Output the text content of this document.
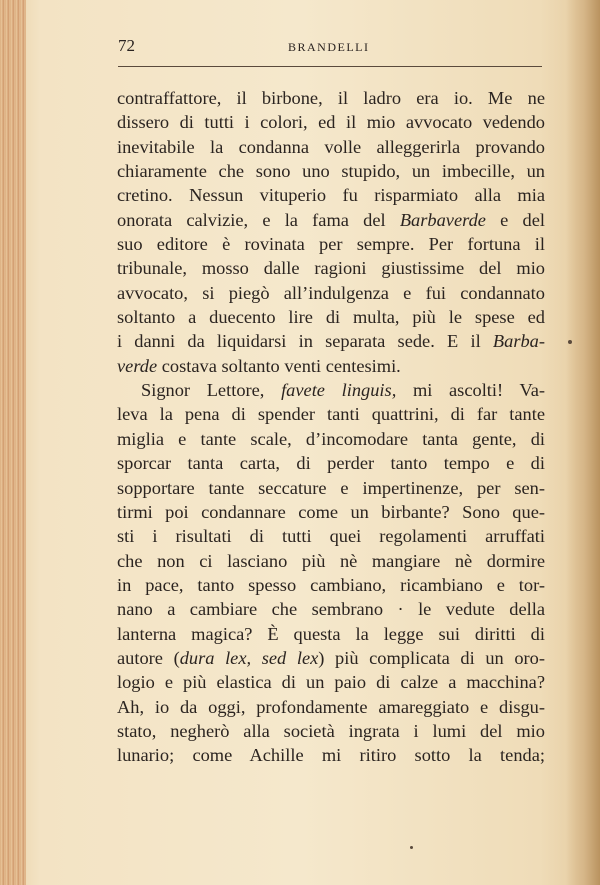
72	BRANDELLI
contraffattore, il birbone, il ladro era io. Me ne
dissero di tutti i colori, ed il mio avvocato vedendo
inevitabile la condanna volle alleggerirla provando
chiaramente che sono uno stupido, un imbecille, un
cretino. Nessun vituperio fu risparmiato alla mia
onorata calvizie, e la fama del Barbaverde e del
suo editore è rovinata per sempre. Per fortuna il
tribunale, mosso dalle ragioni giustissime del mio
avvocato, si piegò all’indulgenza e fui condannato
soltanto a duecento lire di multa, più le spese ed
i danni da liquidarsi in separata sede. E il Barba-
verde costava soltanto venti centesimi.
Signor Lettore, favete linguis, mi ascolti! Va-
leva la pena di spender tanti quattrini, di far tante
miglia e tante scale, d’incomodare tanta gente, di
sporcar tanta carta, di perder tanto tempo e di
sopportare tante seccature e impertinenze, per sen-
tirmi poi condannare come un birbante? Sono que-
sti i risultati di tutti quei regolamenti arruffati
che non ci lasciano più nè mangiare nè dormire
in pace, tanto spesso cambiano, ricambiano e tor-
nano a cambiare che sembrano · le vedute della
lanterna magica? È questa la legge sui diritti di
autore (dura lex, sed lex) più complicata di un oro-
logio e più elastica di un paio di calze a macchina?
Ah, io da oggi, profondamente amareggiato e disgu-
stato, negherò alla società ingrata i lumi del mio
lunario; come Achille mi ritiro sotto la tenda;
